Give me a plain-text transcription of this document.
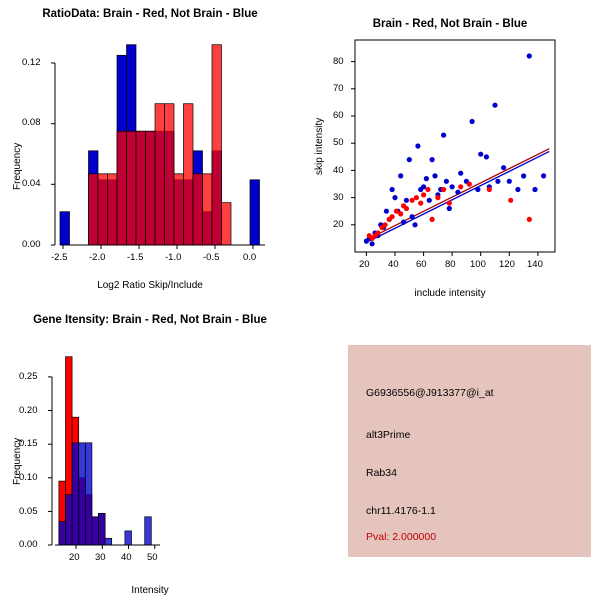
RatioData: Brain - Red, Not Brain - Blue
Frequency
Log2 Ratio Skip/Include
0.00
0.04
0.08
0.12
-2.5 -2.0 -1.5 -1.0 -0.5 0.0
Brain - Red, Not Brain - Blue
skip intensity
include intensity
20 40 60 80 100 120 140
20
30
40
50
60
70
80
Gene Itensity: Brain - Red, Not Brain - Blue
Frequency
Intensity
0.00
0.05
0.10
0.15
0.20
0.25
20 30 40 50
G6936556@J913377@i_at
alt3Prime
Rab34
chr11.4176-1.1
Pval: 2.000000
